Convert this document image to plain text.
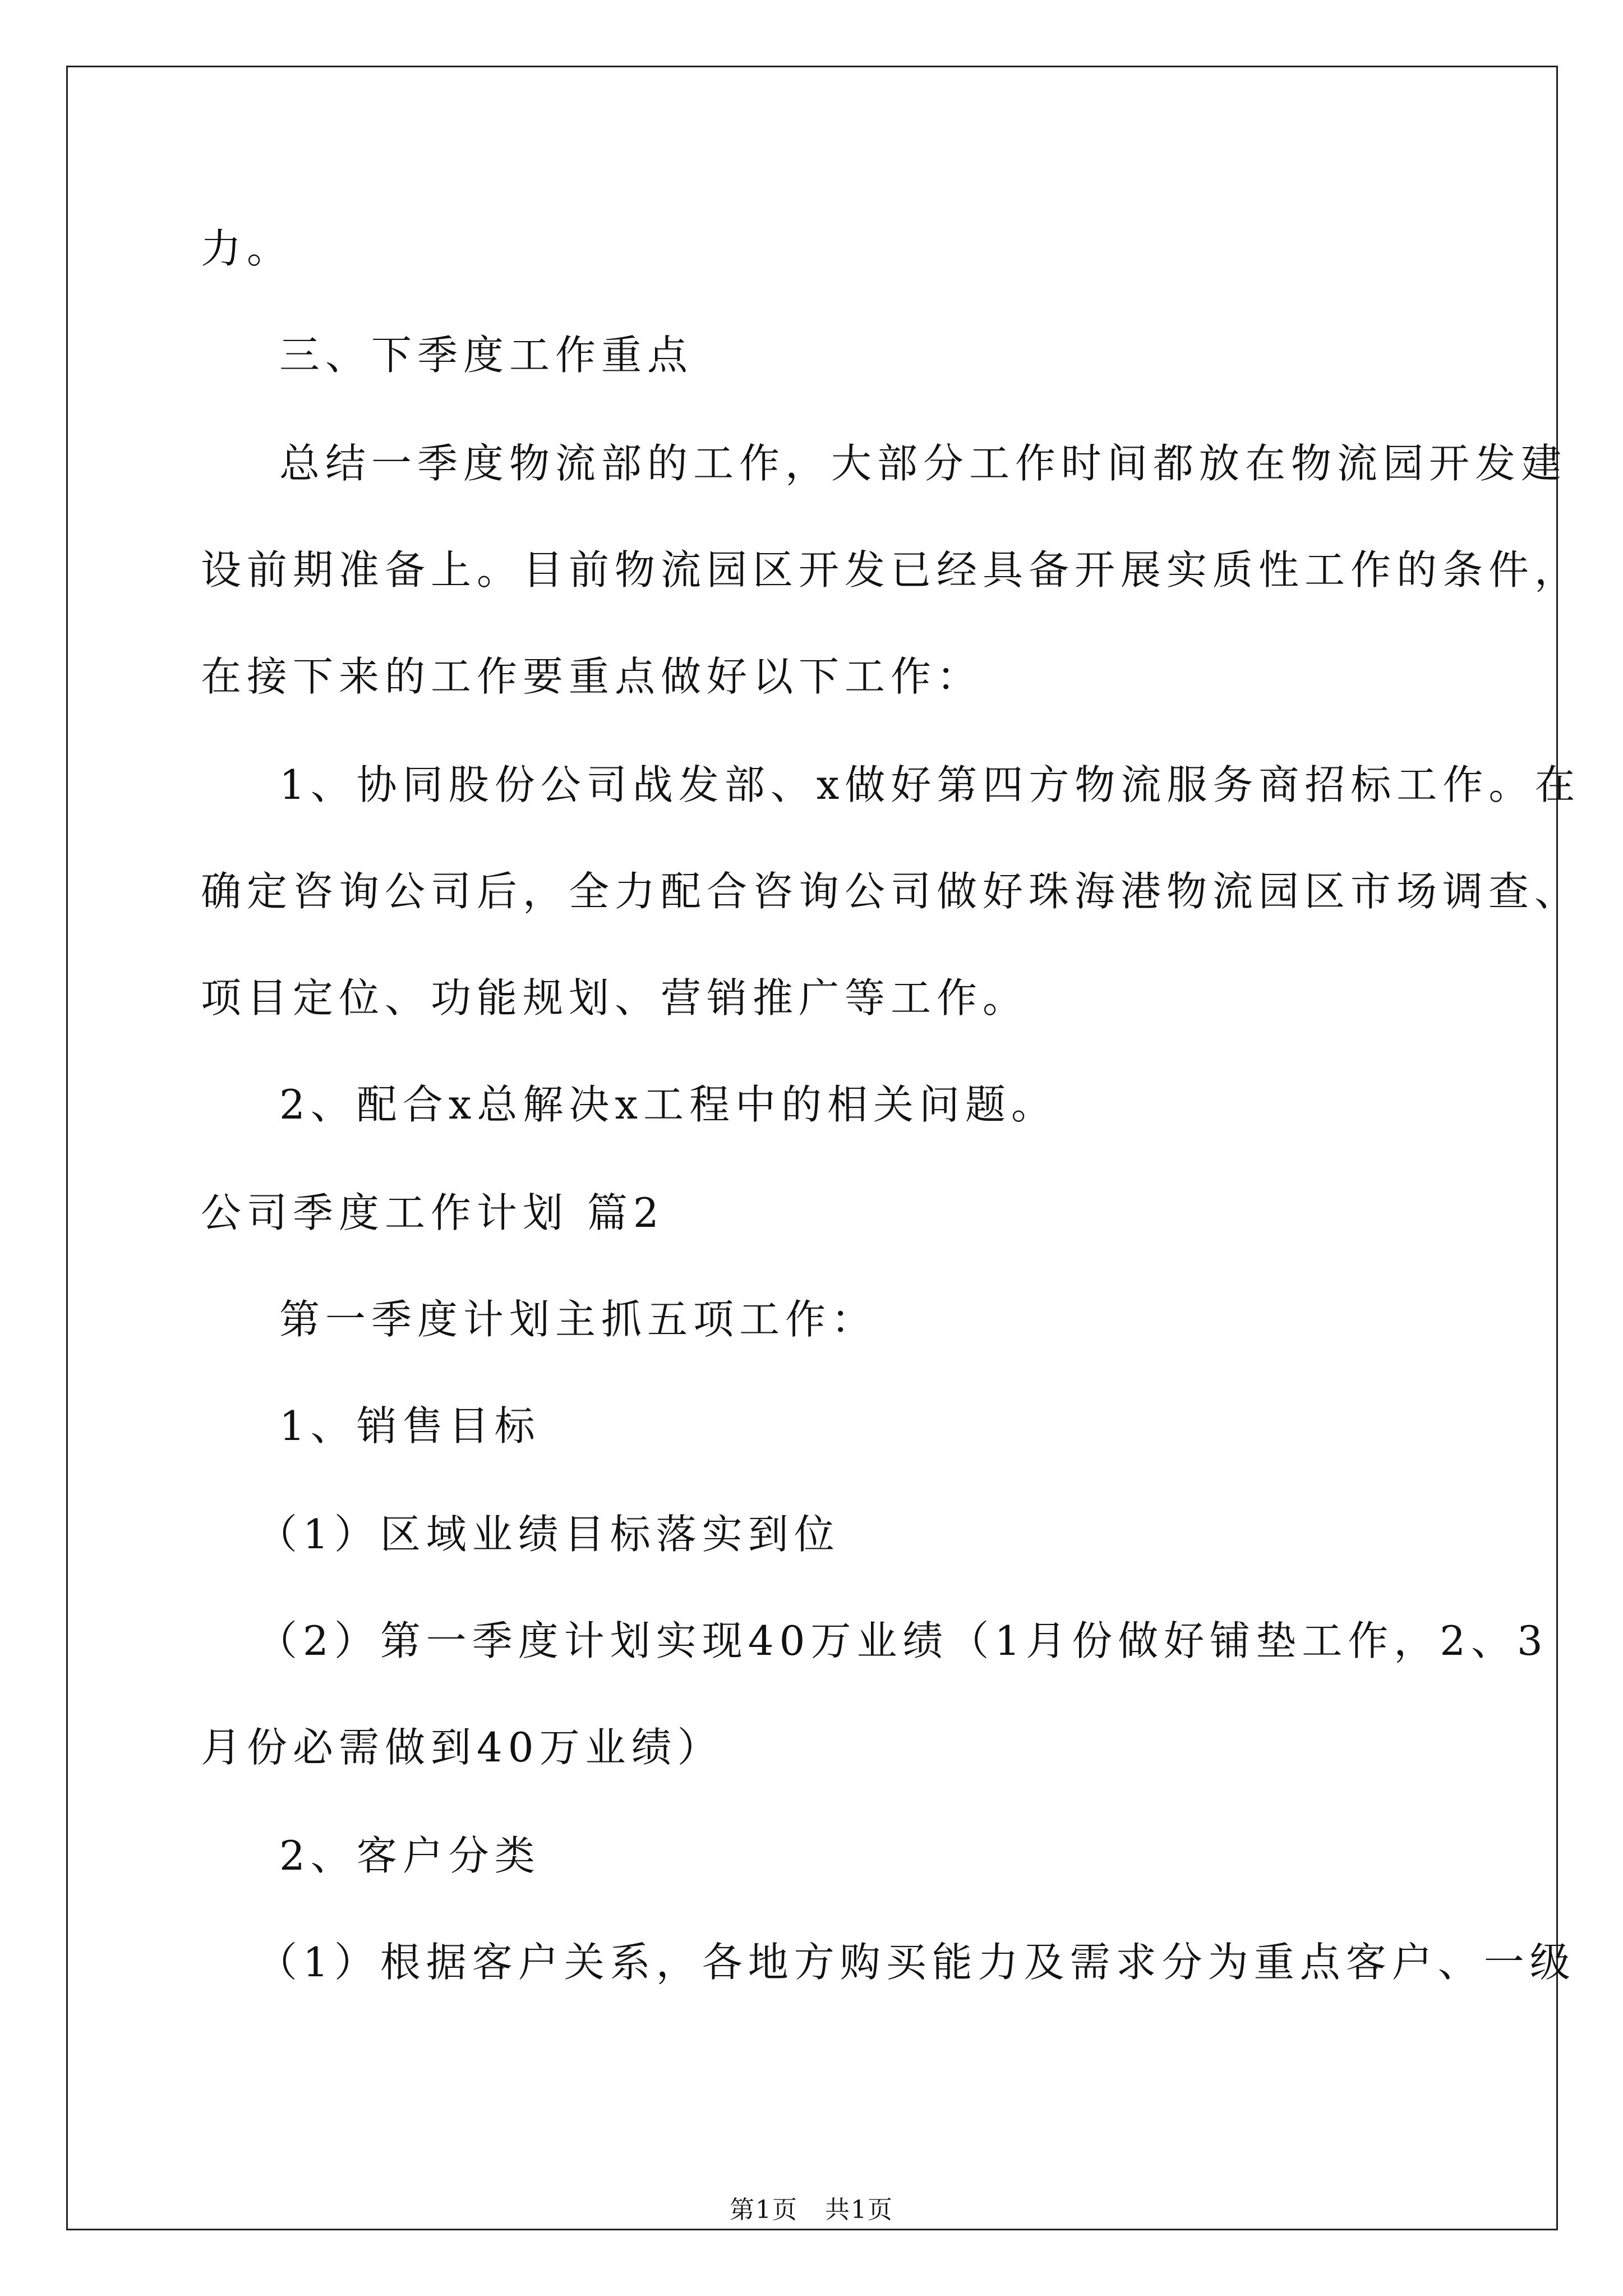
力。
三、下季度工作重点
总结一季度物流部的工作，大部分工作时间都放在物流园开发建
设前期准备上。目前物流园区开发已经具备开展实质性工作的条件，
在接下来的工作要重点做好以下工作：
1、协同股份公司战发部、x做好第四方物流服务商招标工作。在
确定咨询公司后，全力配合咨询公司做好珠海港物流园区市场调查、
项目定位、功能规划、营销推广等工作。
2、配合x总解决x工程中的相关问题。
公司季度工作计划 篇2
第一季度计划主抓五项工作：
1、销售目标
（1）区域业绩目标落实到位
（2）第一季度计划实现40万业绩（1月份做好铺垫工作，2、3
月份必需做到40万业绩）
2、客户分类
（1）根据客户关系，各地方购买能力及需求分为重点客户、一级
第1页   共1页
